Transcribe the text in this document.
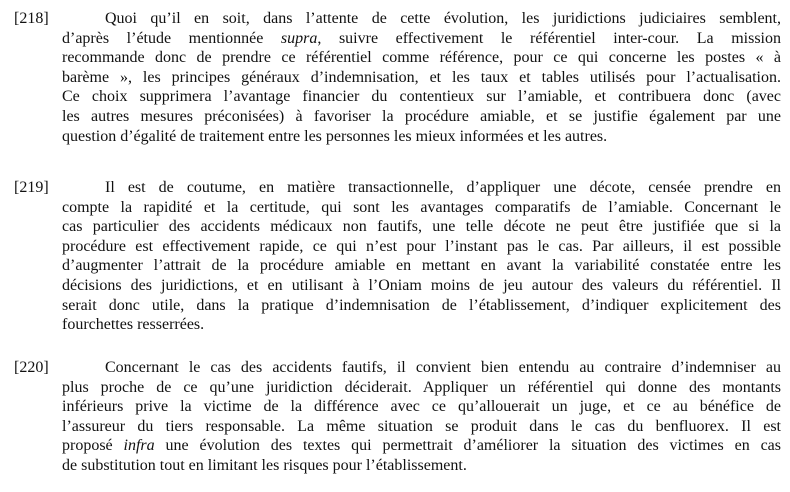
[218]	Quoi qu’il en soit, dans l’attente de cette évolution, les juridictions judiciaires semblent,
d’après l’étude mentionnée supra, suivre effectivement le référentiel inter-cour. La mission
recommande donc de prendre ce référentiel comme référence, pour ce qui concerne les postes « à
barème », les principes généraux d’indemnisation, et les taux et tables utilisés pour l’actualisation.
Ce choix supprimera l’avantage financier du contentieux sur l’amiable, et contribuera donc (avec
les autres mesures préconisées) à favoriser la procédure amiable, et se justifie également par une
question d’égalité de traitement entre les personnes les mieux informées et les autres.
[219]	Il est de coutume, en matière transactionnelle, d’appliquer une décote, censée prendre en
compte la rapidité et la certitude, qui sont les avantages comparatifs de l’amiable. Concernant le
cas particulier des accidents médicaux non fautifs, une telle décote ne peut être justifiée que si la
procédure est effectivement rapide, ce qui n’est pour l’instant pas le cas. Par ailleurs, il est possible
d’augmenter l’attrait de la procédure amiable en mettant en avant la variabilité constatée entre les
décisions des juridictions, et en utilisant à l’Oniam moins de jeu autour des valeurs du référentiel. Il
serait donc utile, dans la pratique d’indemnisation de l’établissement, d’indiquer explicitement des
fourchettes resserrées.
[220]	Concernant le cas des accidents fautifs, il convient bien entendu au contraire d’indemniser au
plus proche de ce qu’une juridiction déciderait. Appliquer un référentiel qui donne des montants
inférieurs prive la victime de la différence avec ce qu’allouerait un juge, et ce au bénéfice de
l’assureur du tiers responsable. La même situation se produit dans le cas du benfluorex. Il est
proposé infra une évolution des textes qui permettrait d’améliorer la situation des victimes en cas
de substitution tout en limitant les risques pour l’établissement.
